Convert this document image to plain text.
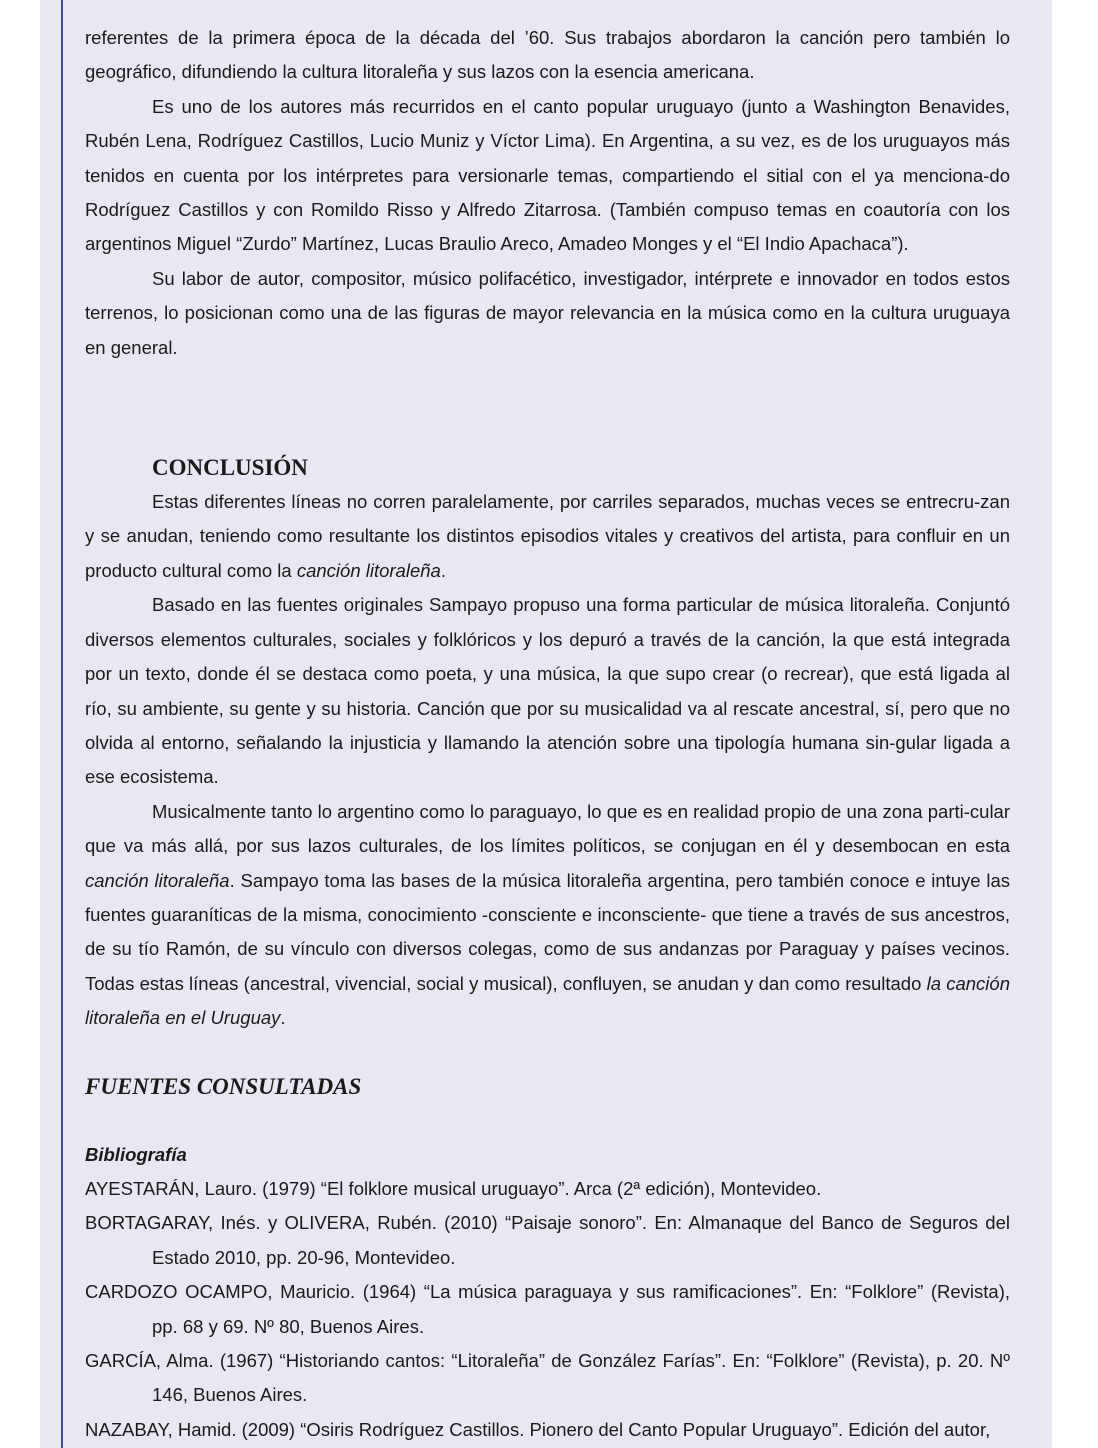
referentes de la primera época de la década del ’60. Sus trabajos abordaron la canción pero también lo geográfico, difundiendo la cultura litoraleña y sus lazos con la esencia americana.

Es uno de los autores más recurridos en el canto popular uruguayo (junto a Washington Benavides, Rubén Lena, Rodríguez Castillos, Lucio Muniz y Víctor Lima). En Argentina, a su vez, es de los uruguayos más tenidos en cuenta por los intérpretes para versionarle temas, compartiendo el sitial con el ya menciona-do Rodríguez Castillos y con Romildo Risso y Alfredo Zitarrosa. (También compuso temas en coautoría con los argentinos Miguel “Zurdo” Martínez, Lucas Braulio Areco, Amadeo Monges y el “El Indio Apachaca”).

Su labor de autor, compositor, músico polifacético, investigador, intérprete e innovador en todos estos terrenos, lo posicionan como una de las figuras de mayor relevancia en la música como en la cultura uruguaya en general.

CONCLUSIÓN

Estas diferentes líneas no corren paralelamente, por carriles separados, muchas veces se entrecru-zan y se anudan, teniendo como resultante los distintos episodios vitales y creativos del artista, para confluir en un producto cultural como la canción litoraleña.

Basado en las fuentes originales Sampayo propuso una forma particular de música litoraleña. Conjuntó diversos elementos culturales, sociales y folklóricos y los depuró a través de la canción, la que está integrada por un texto, donde él se destaca como poeta, y una música, la que supo crear (o recrear), que está ligada al río, su ambiente, su gente y su historia. Canción que por su musicalidad va al rescate ancestral, sí, pero que no olvida al entorno, señalando la injusticia y llamando la atención sobre una tipología humana sin-gular ligada a ese ecosistema.

Musicalmente tanto lo argentino como lo paraguayo, lo que es en realidad propio de una zona parti-cular que va más allá, por sus lazos culturales, de los límites políticos, se conjugan en él y desembocan en esta canción litoraleña. Sampayo toma las bases de la música litoraleña argentina, pero también conoce e intuye las fuentes guaraníticas de la misma, conocimiento -consciente e inconsciente- que tiene a través de sus ancestros, de su tío Ramón, de su vínculo con diversos colegas, como de sus andanzas por Paraguay y países vecinos. Todas estas líneas (ancestral, vivencial, social y musical), confluyen, se anudan y dan como resultado la canción litoraleña en el Uruguay.

FUENTES CONSULTADAS
Bibliografía

AYESTARÁN, Lauro. (1979) “El folklore musical uruguayo”. Arca (2ª edición), Montevideo.

BORTAGARAY, Inés. y OLIVERA, Rubén. (2010) “Paisaje sonoro”. En: Almanaque del Banco de Seguros del Estado 2010, pp. 20-96, Montevideo.

CARDOZO OCAMPO, Mauricio. (1964) “La música paraguaya y sus ramificaciones”. En: “Folklore” (Revista), pp. 68 y 69. Nº 80, Buenos Aires.

GARCÍA, Alma. (1967) “Historiando cantos: “Litoraleña” de González Farías”. En: “Folklore” (Revista), p. 20. Nº 146, Buenos Aires.

NAZABAY, Hamid. (2009) “Osiris Rodríguez Castillos. Pionero del Canto Popular Uruguayo”. Edición del autor,
